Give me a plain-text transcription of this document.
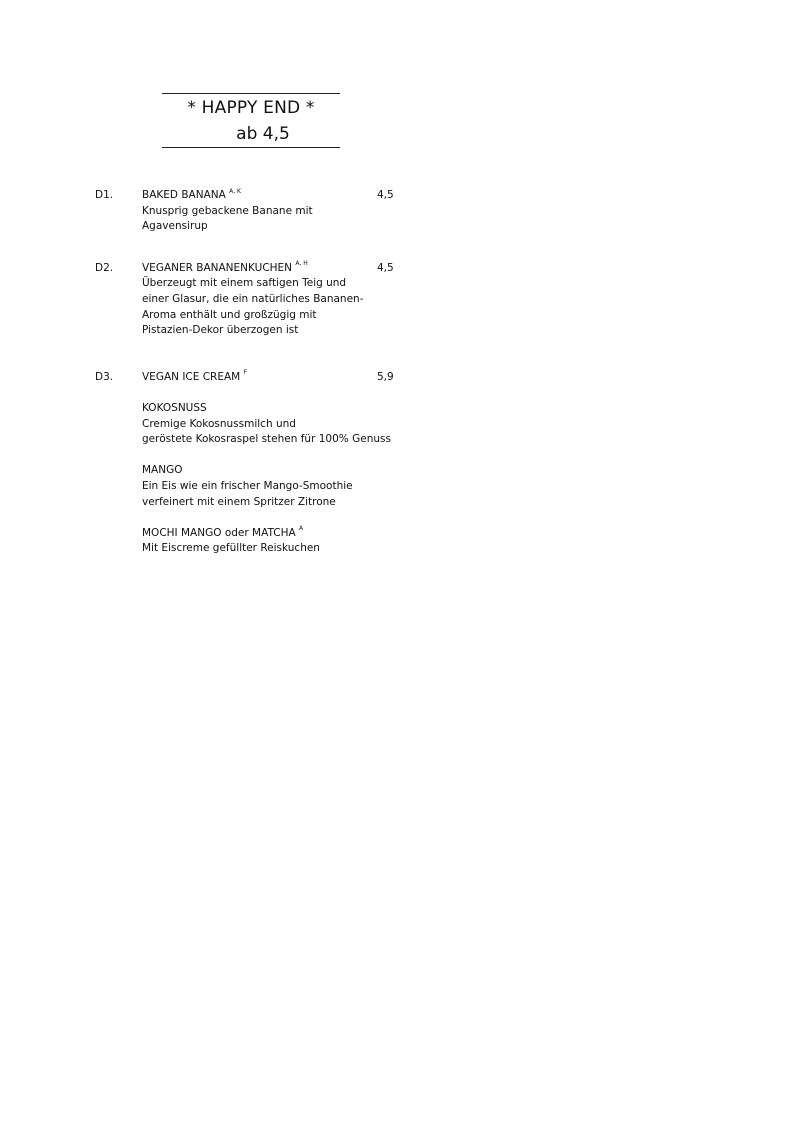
* HAPPY END *
ab 4,5
D1.	BAKED BANANA $^{A, K}$	4,5
Knusprig gebackene Banane mit
Agavensirup
D2.	VEGANER BANANENKUCHEN $^{A, H}$	4,5
Überzeugt mit einem saftigen Teig und
einer Glasur, die ein natürliches Bananen-
Aroma enthält und großzügig mit
Pistazien-Dekor überzogen ist
D3.	VEGAN ICE CREAM $^F$	5,9
KOKOSNUSS
Cremige Kokosnussmilch und
geröstete Kokosraspel stehen für 100% Genuss
MANGO
Ein Eis wie ein frischer Mango-Smoothie
verfeinert mit einem Spritzer Zitrone
MOCHI MANGO oder MATCHA $^A$
Mit Eiscreme gefüllter Reiskuchen
